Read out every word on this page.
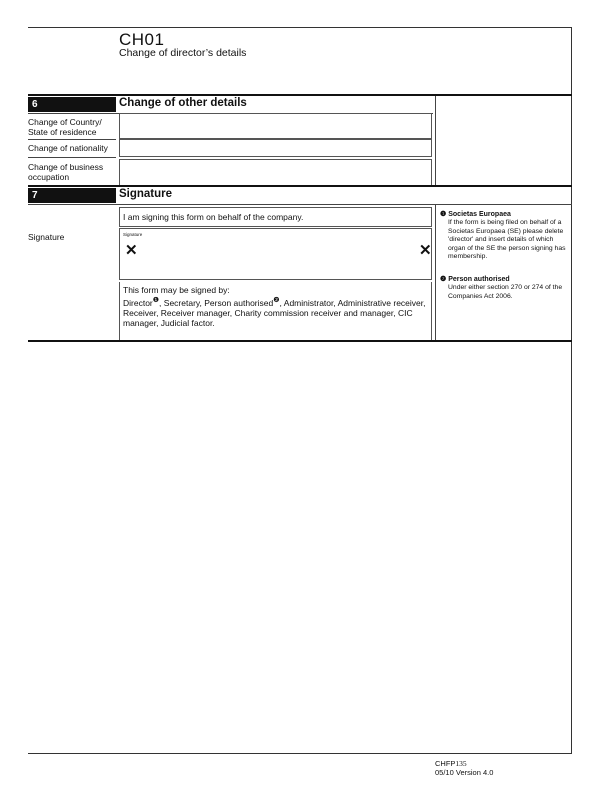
CH01
Change of director’s details
6	Change of other details
Change of Country/ State of residence
Change of nationality
Change of business occupation
7	Signature
I am signing this form on behalf of the company.
Signature	Signature
✕	✕
This form may be signed by:
Director$^❶$, Secretary, Person authorised$^❷$, Administrator, Administrative receiver, Receiver, Receiver manager, Charity commission receiver and manager, CIC manager, Judicial factor.
❶ Societas Europaea
If the form is being filed on behalf of a Societas Europaea (SE) please delete 'director' and insert details of which organ of the SE the person signing has membership.
❷ Person authorised
Under either section 270 or 274 of the Companies Act 2006.
CHFP135
05/10 Version 4.0
